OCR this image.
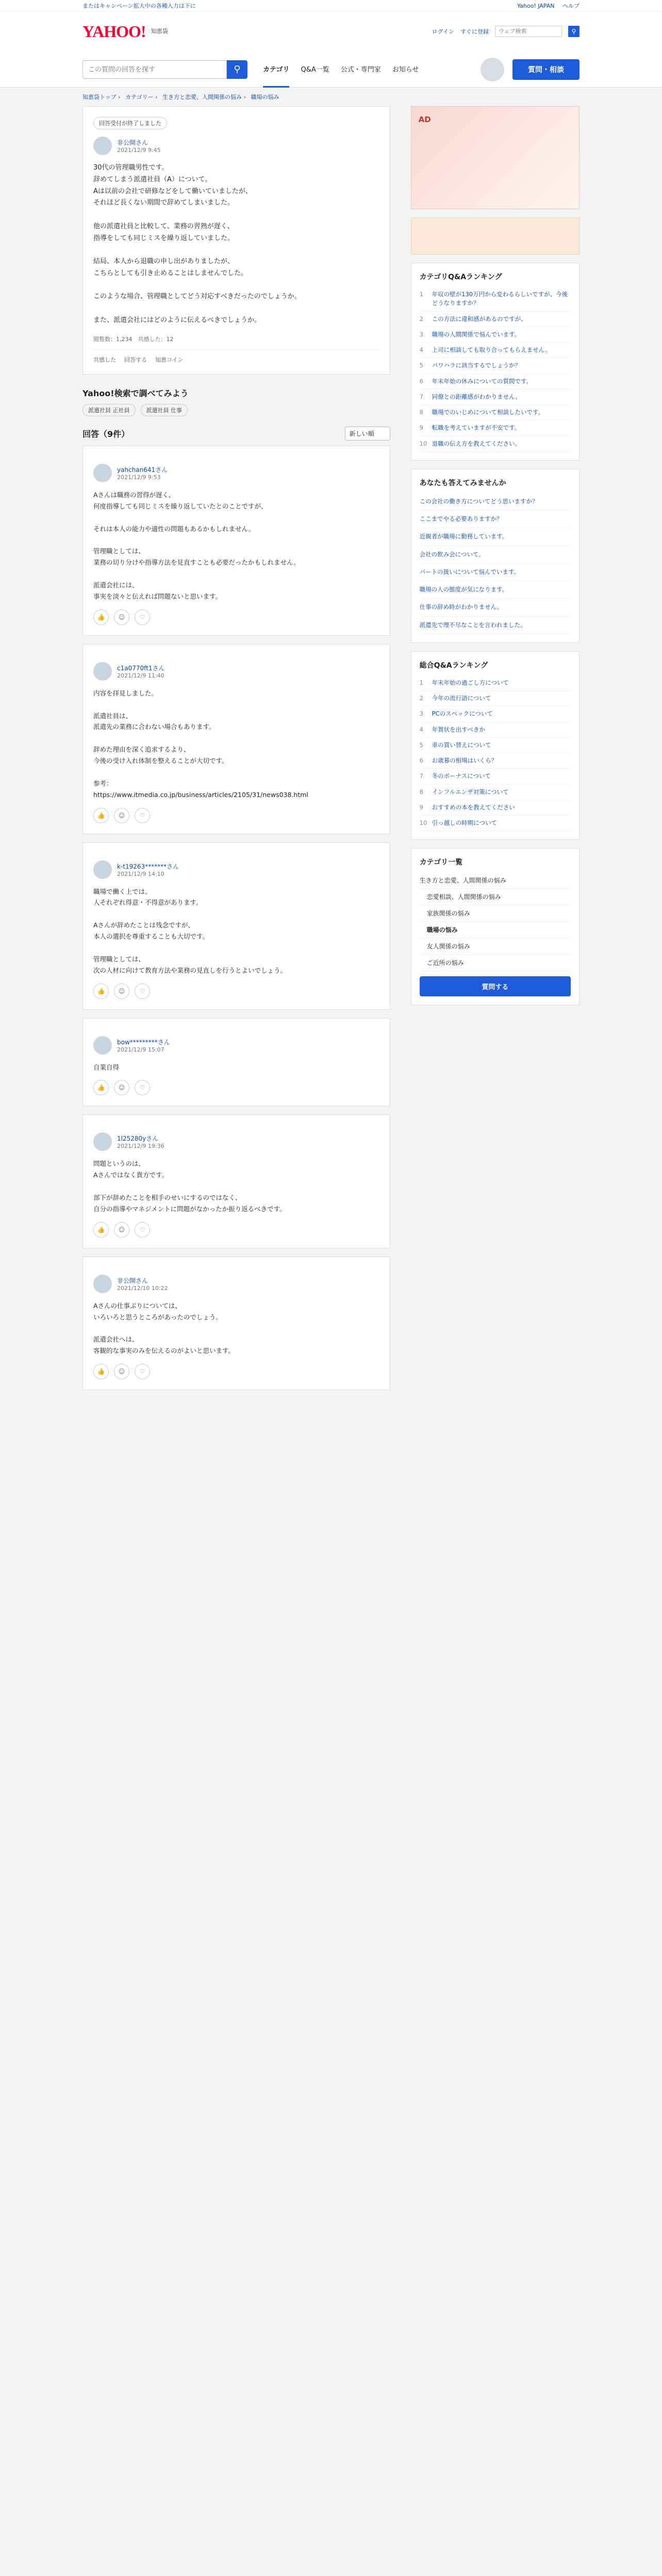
またはキャンペーン拡大中の各種入力は下に	Yahoo! JAPAN ヘルプ
YAHOO! 知恵袋	ログイン すぐに登録
ウェブ検索	⚲
この質問の回答を探す
⚲	カテゴリ Q&A一覧 公式・専門家 お知らせ	質問・相談
知恵袋トップ › カテゴリー › 生き方と恋愛、人間関係の悩み › 職場の悩み
回答受付が終了しました
非公開さん
2021/12/9 9:45
30代の管理職男性です。
辞めてしまう派遣社員（A）について。
Aは以前の会社で研修などをして働いていましたが、
それほど長くない期間で辞めてしまいました。

他の派遣社員と比較して、業務の習熟が遅く、
指導をしても同じミスを繰り返していました。

結局、本人から退職の申し出がありましたが、
こちらとしても引き止めることはしませんでした。

このような場合、管理職としてどう対応すべきだったのでしょうか。

また、派遣会社にはどのように伝えるべきでしょうか。
閲覧数：1,234　共感した：12
共感した 回答する 知恵コイン
Yahoo!検索で調べてみよう
派遣社員 正社員	派遣社員 仕事
回答（9件）	新しい順
yahchan641さん
2021/12/9 9:53
Aさんは職務の習得が遅く、
何度指導しても同じミスを繰り返していたとのことですが、

それは本人の能力や適性の問題もあるかもしれません。

管理職としては、
業務の切り分けや指導方法を見直すことも必要だったかもしれません。

派遣会社には、
事実を淡々と伝えれば問題ないと思います。
👍	☺	♡
c1a0770ft1さん
2021/12/9 11:40
内容を拝見しました。

派遣社員は、
派遣先の業務に合わない場合もあります。

辞めた理由を深く追求するより、
今後の受け入れ体制を整えることが大切です。

参考：
https://www.itmedia.co.jp/business/articles/2105/31/news038.html
👍	☺	♡
k-t19263*******さん
2021/12/9 14:10
職場で働く上では、
人それぞれ得意・不得意があります。

Aさんが辞めたことは残念ですが、
本人の選択を尊重することも大切です。

管理職としては、
次の人材に向けて教育方法や業務の見直しを行うとよいでしょう。
👍	☺	♡
bow*********さん
2021/12/9 15:07
自業自得
👍	☺	♡
1l25280yさん
2021/12/9 19:36
問題というのは、
Aさんではなく貴方です。

部下が辞めたことを相手のせいにするのではなく、
自分の指導やマネジメントに問題がなかったか振り返るべきです。
👍	☺	♡
非公開さん
2021/12/10 10:22
Aさんの仕事ぶりについては、
いろいろと思うところがあったのでしょう。

派遣会社へは、
客観的な事実のみを伝えるのがよいと思います。
👍	☺	♡
AD
カテゴリQ&Aランキング
1	年収の壁が130万円から変わるらしいですが、今後どうなりますか？
2	この方法に違和感があるのですが、
3	職場の人間関係で悩んでいます。
4	上司に相談しても取り合ってもらえません。
5	パワハラに該当するでしょうか？
6	年末年始の休みについての質問です。
7	同僚との距離感がわかりません。
8	職場でのいじめについて相談したいです。
9	転職を考えていますが不安です。
10 退職の伝え方を教えてください。
あなたも答えてみませんか
この会社の働き方についてどう思いますか？
ここまでやる必要ありますか？
近親者が職場に勤務しています。
会社の飲み会について。
パートの扱いについて悩んでいます。
職場の人の態度が気になります。
仕事の辞め時がわかりません。
派遣先で理不尽なことを言われました。
総合Q&Aランキング
1	年末年始の過ごし方について
2	今年の流行語について
3	PCのスペックについて
4	年賀状を出すべきか
5	車の買い替えについて
6	お歳暮の相場はいくら？
7	冬のボーナスについて
8	インフルエンザ対策について
9	おすすめの本を教えてください
10 引っ越しの時期について
カテゴリ一覧
生き方と恋愛、人間関係の悩み
恋愛相談、人間関係の悩み
家族関係の悩み
職場の悩み
友人関係の悩み
ご近所の悩み
質問する
